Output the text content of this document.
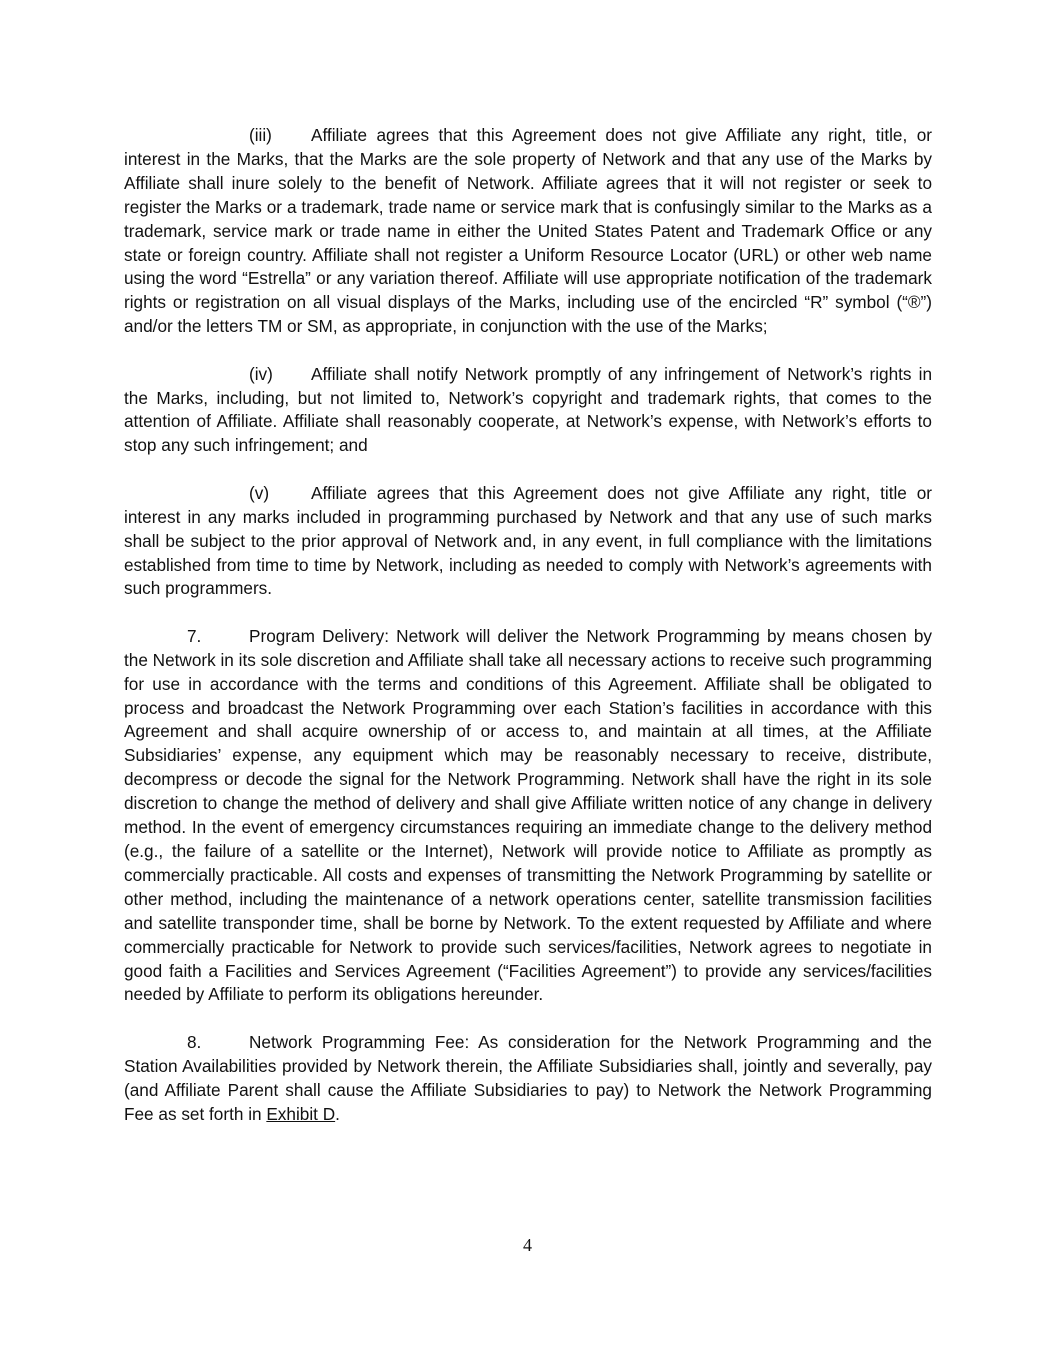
(iii) Affiliate agrees that this Agreement does not give Affiliate any right, title, or interest in the Marks, that the Marks are the sole property of Network and that any use of the Marks by Affiliate shall inure solely to the benefit of Network. Affiliate agrees that it will not register or seek to register the Marks or a trademark, trade name or service mark that is confusingly similar to the Marks as a trademark, service mark or trade name in either the United States Patent and Trademark Office or any state or foreign country. Affiliate shall not register a Uniform Resource Locator (URL) or other web name using the word “Estrella” or any variation thereof. Affiliate will use appropriate notification of the trademark rights or registration on all visual displays of the Marks, including use of the encircled “R” symbol (“®”) and/or the letters TM or SM, as appropriate, in conjunction with the use of the Marks;

(iv) Affiliate shall notify Network promptly of any infringement of Network’s rights in the Marks, including, but not limited to, Network’s copyright and trademark rights, that comes to the attention of Affiliate. Affiliate shall reasonably cooperate, at Network’s expense, with Network’s efforts to stop any such infringement; and

(v) Affiliate agrees that this Agreement does not give Affiliate any right, title or interest in any marks included in programming purchased by Network and that any use of such marks shall be subject to the prior approval of Network and, in any event, in full compliance with the limitations established from time to time by Network, including as needed to comply with Network’s agreements with such programmers.

7.	Program Delivery: Network will deliver the Network Programming by means chosen by the Network in its sole discretion and Affiliate shall take all necessary actions to receive such programming for use in accordance with the terms and conditions of this Agreement. Affiliate shall be obligated to process and broadcast the Network Programming over each Station’s facilities in accordance with this Agreement and shall acquire ownership of or access to, and maintain at all times, at the Affiliate Subsidiaries’ expense, any equipment which may be reasonably necessary to receive, distribute, decompress or decode the signal for the Network Programming. Network shall have the right in its sole discretion to change the method of delivery and shall give Affiliate written notice of any change in delivery method. In the event of emergency circumstances requiring an immediate change to the delivery method (e.g., the failure of a satellite or the Internet), Network will provide notice to Affiliate as promptly as commercially practicable. All costs and expenses of transmitting the Network Programming by satellite or other method, including the maintenance of a network operations center, satellite transmission facilities and satellite transponder time, shall be borne by Network. To the extent requested by Affiliate and where commercially practicable for Network to provide such services/facilities, Network agrees to negotiate in good faith a Facilities and Services Agreement (“Facilities Agreement”) to provide any services/facilities needed by Affiliate to perform its obligations hereunder.

8.	Network Programming Fee: As consideration for the Network Programming and the Station Availabilities provided by Network therein, the Affiliate Subsidiaries shall, jointly and severally, pay (and Affiliate Parent shall cause the Affiliate Subsidiaries to pay) to Network the Network Programming Fee as set forth in Exhibit D.

4
